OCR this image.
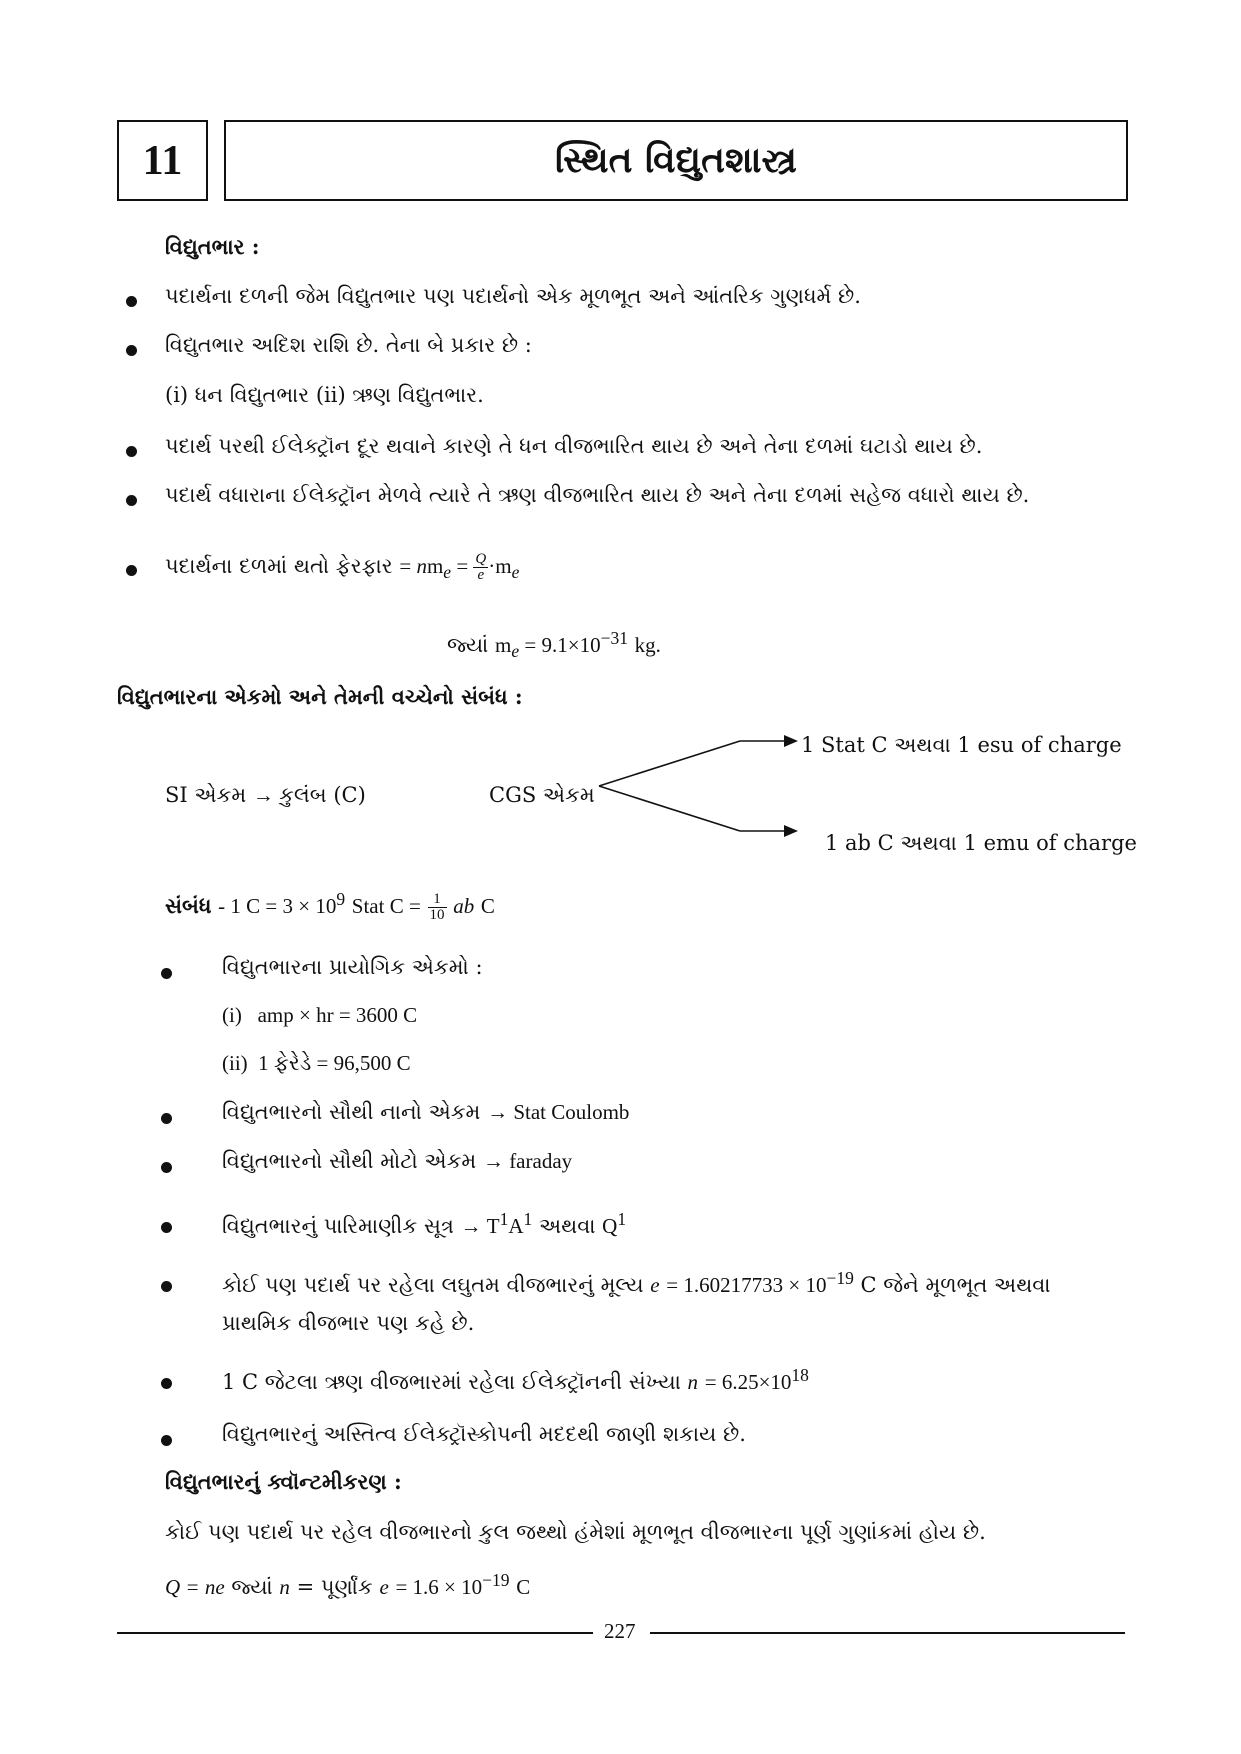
11	સ્થિત વિદ્યુતશાસ્ત્ર
વિદ્યુતભાર :
પદાર્થના દળની જેમ વિદ્યુતભાર પણ પદાર્થનો એક મૂળભૂત અને આંતરિક ગુણધર્મ છે.
વિદ્યુતભાર અદિશ રાશિ છે. તેના બે પ્રકાર છે :
(i) ધન વિદ્યુતભાર (ii) ઋણ વિદ્યુતભાર.
પદાર્થ પરથી ઈલેક્ટ્રૉન દૂર થવાને કારણે તે ધન વીજભારિત થાય છે અને તેના દળમાં ઘટાડો થાય છે.
પદાર્થ વધારાના ઈલેક્ટ્રૉન મેળવે ત્યારે તે ઋણ વીજભારિત થાય છે અને તેના દળમાં સહેજ વધારો થાય છે.
પદાર્થના દળમાં થતો ફેરફાર = $nm_e = \frac{Q}{e} \cdot m_e$
જ્યાં $m_e = 9.1\times 10^{-31}$ kg.
વિદ્યુતભારના એકમો અને તેમની વચ્ચેનો સંબંધ :
1 Stat C અથવા 1 esu of charge
SI એકમ → કુલંબ (C)	CGS એકમ
1 ab C અથવા 1 emu of charge
સંબંધ - 1 $C = 3 \times 10^9$ Stat $C = \frac{1}{10}$ ab C
વિદ્યુતભારના પ્રાયોગિક એકમો :
(i)   amp × hr = 3600 C
(ii)  1 ફેરેડે = 96,500 C
વિદ્યુતભારનો સૌથી નાનો એકમ → Stat Coulomb
વિદ્યુતભારનો સૌથી મોટો એકમ → faraday
વિદ્યુતભારનું પારિમાણીક સૂત્ર → $T^1A^1$ અથવા $Q^1$
કોઈ પણ પદાર્થ પર રહેલા લઘુતમ વીજભારનું મૂલ્ય $e = 1.60217733 \times 10^{-19}$ C જેને મૂળભૂત અથવા
પ્રાથમિક વીજભાર પણ કહે છે.
1 C જેટલા ઋણ વીજભારમાં રહેલા ઈલેક્ટ્રૉનની સંખ્યા $n = 6.25\times 10^{18}$
વિદ્યુતભારનું અસ્તિત્વ ઈલેક્ટ્રૉસ્કોપની મદદથી જાણી શકાય છે.
વિદ્યુતભારનું ક્વૉન્ટમીકરણ :
કોઈ પણ પદાર્થ પર રહેલ વીજભારનો કુલ જથ્થો હંમેશાં મૂળભૂત વીજભારના પૂર્ણ ગુણાંકમાં હોય છે.
Q = ne જ્યાં n = પૂર્ણાંક $e = 1.6 \times 10^{-19}$ C
227
